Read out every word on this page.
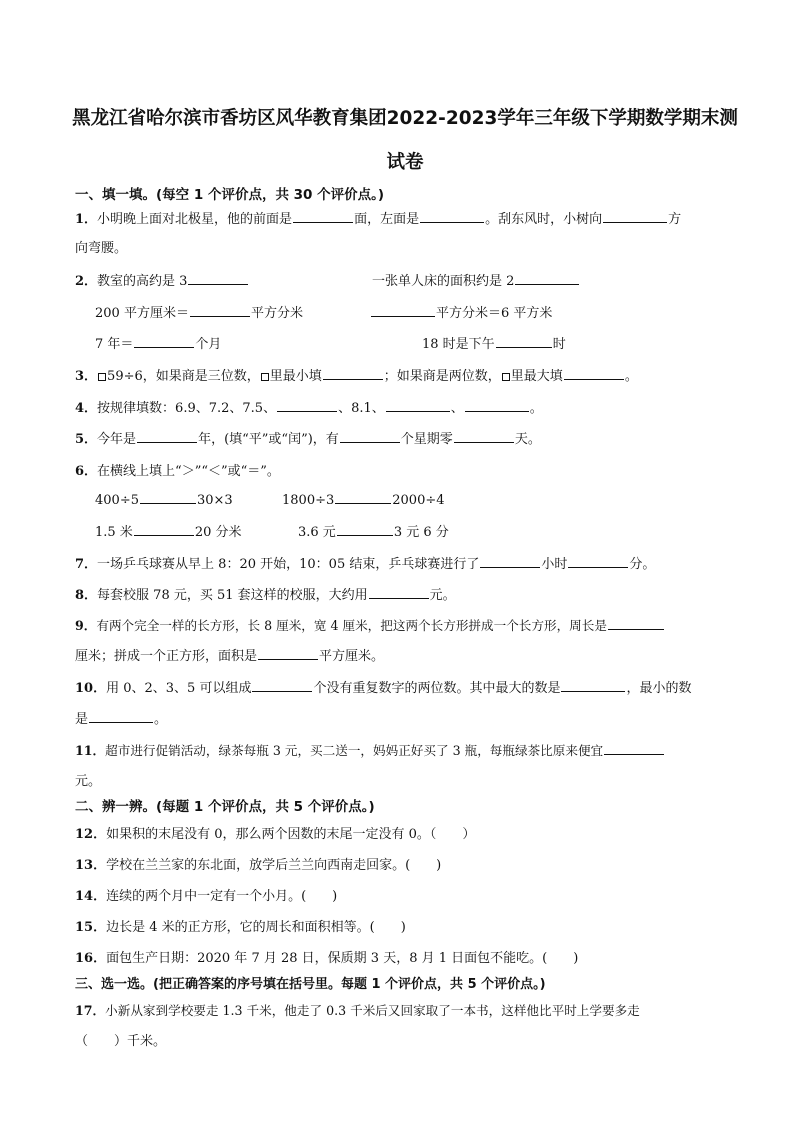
黑龙江省哈尔滨市香坊区风华教育集团2022-2023学年三年级下学期数学期末测
试卷
一、填一填。(每空 1 个评价点，共 30 个评价点。)
1．小明晚上面对北极星，他的前面是	面，左面是	。刮东风时，小树向	方
向弯腰。
2．教室的高约是 3	一张单人床的面积约是 2
200 平方厘米＝	平方分米	平方分米＝6 平方米
7 年＝	个月	18 时是下午	时
3． 59÷6，如果商是三位数， 里最小填	；如果商是两位数， 里最大填	。
4．按规律填数：6.9、7.2、7.5、	、8.1、	、	。
5．今年是	年，(填“平”或“闰”)，有	个星期零	天。
6．在横线上填上“＞”“＜”或“＝”。
400÷5	30×3	1800÷3	2000÷4
1.5 米	20 分米	3.6 元	3 元 6 分
7．一场乒乓球赛从早上 8：20 开始，10：05 结束，乒乓球赛进行了	小时	分。
8．每套校服 78 元，买 51 套这样的校服，大约用	元。
9．有两个完全一样的长方形，长 8 厘米，宽 4 厘米，把这两个长方形拼成一个长方形，周长是
厘米；拼成一个正方形，面积是	平方厘米。
10．用 0、2、3、5 可以组成	个没有重复数字的两位数。其中最大的数是	，最小的数
是	。
11．超市进行促销活动，绿茶每瓶 3 元，买二送一，妈妈正好买了 3 瓶，每瓶绿茶比原来便宜
元。
二、辨一辨。(每题 1 个评价点，共 5 个评价点。)
12．如果积的末尾没有 0，那么两个因数的末尾一定没有 0。（　　）
13．学校在兰兰家的东北面，放学后兰兰向西南走回家。(　　)
14．连续的两个月中一定有一个小月。(　　)
15．边长是 4 米的正方形，它的周长和面积相等。(　　)
16．面包生产日期：2020 年 7 月 28 日，保质期 3 天，8 月 1 日面包不能吃。(　　)
三、选一选。(把正确答案的序号填在括号里。每题 1 个评价点，共 5 个评价点。)
17．小新从家到学校要走 1.3 千米，他走了 0.3 千米后又回家取了一本书，这样他比平时上学要多走
（　　）千米。
